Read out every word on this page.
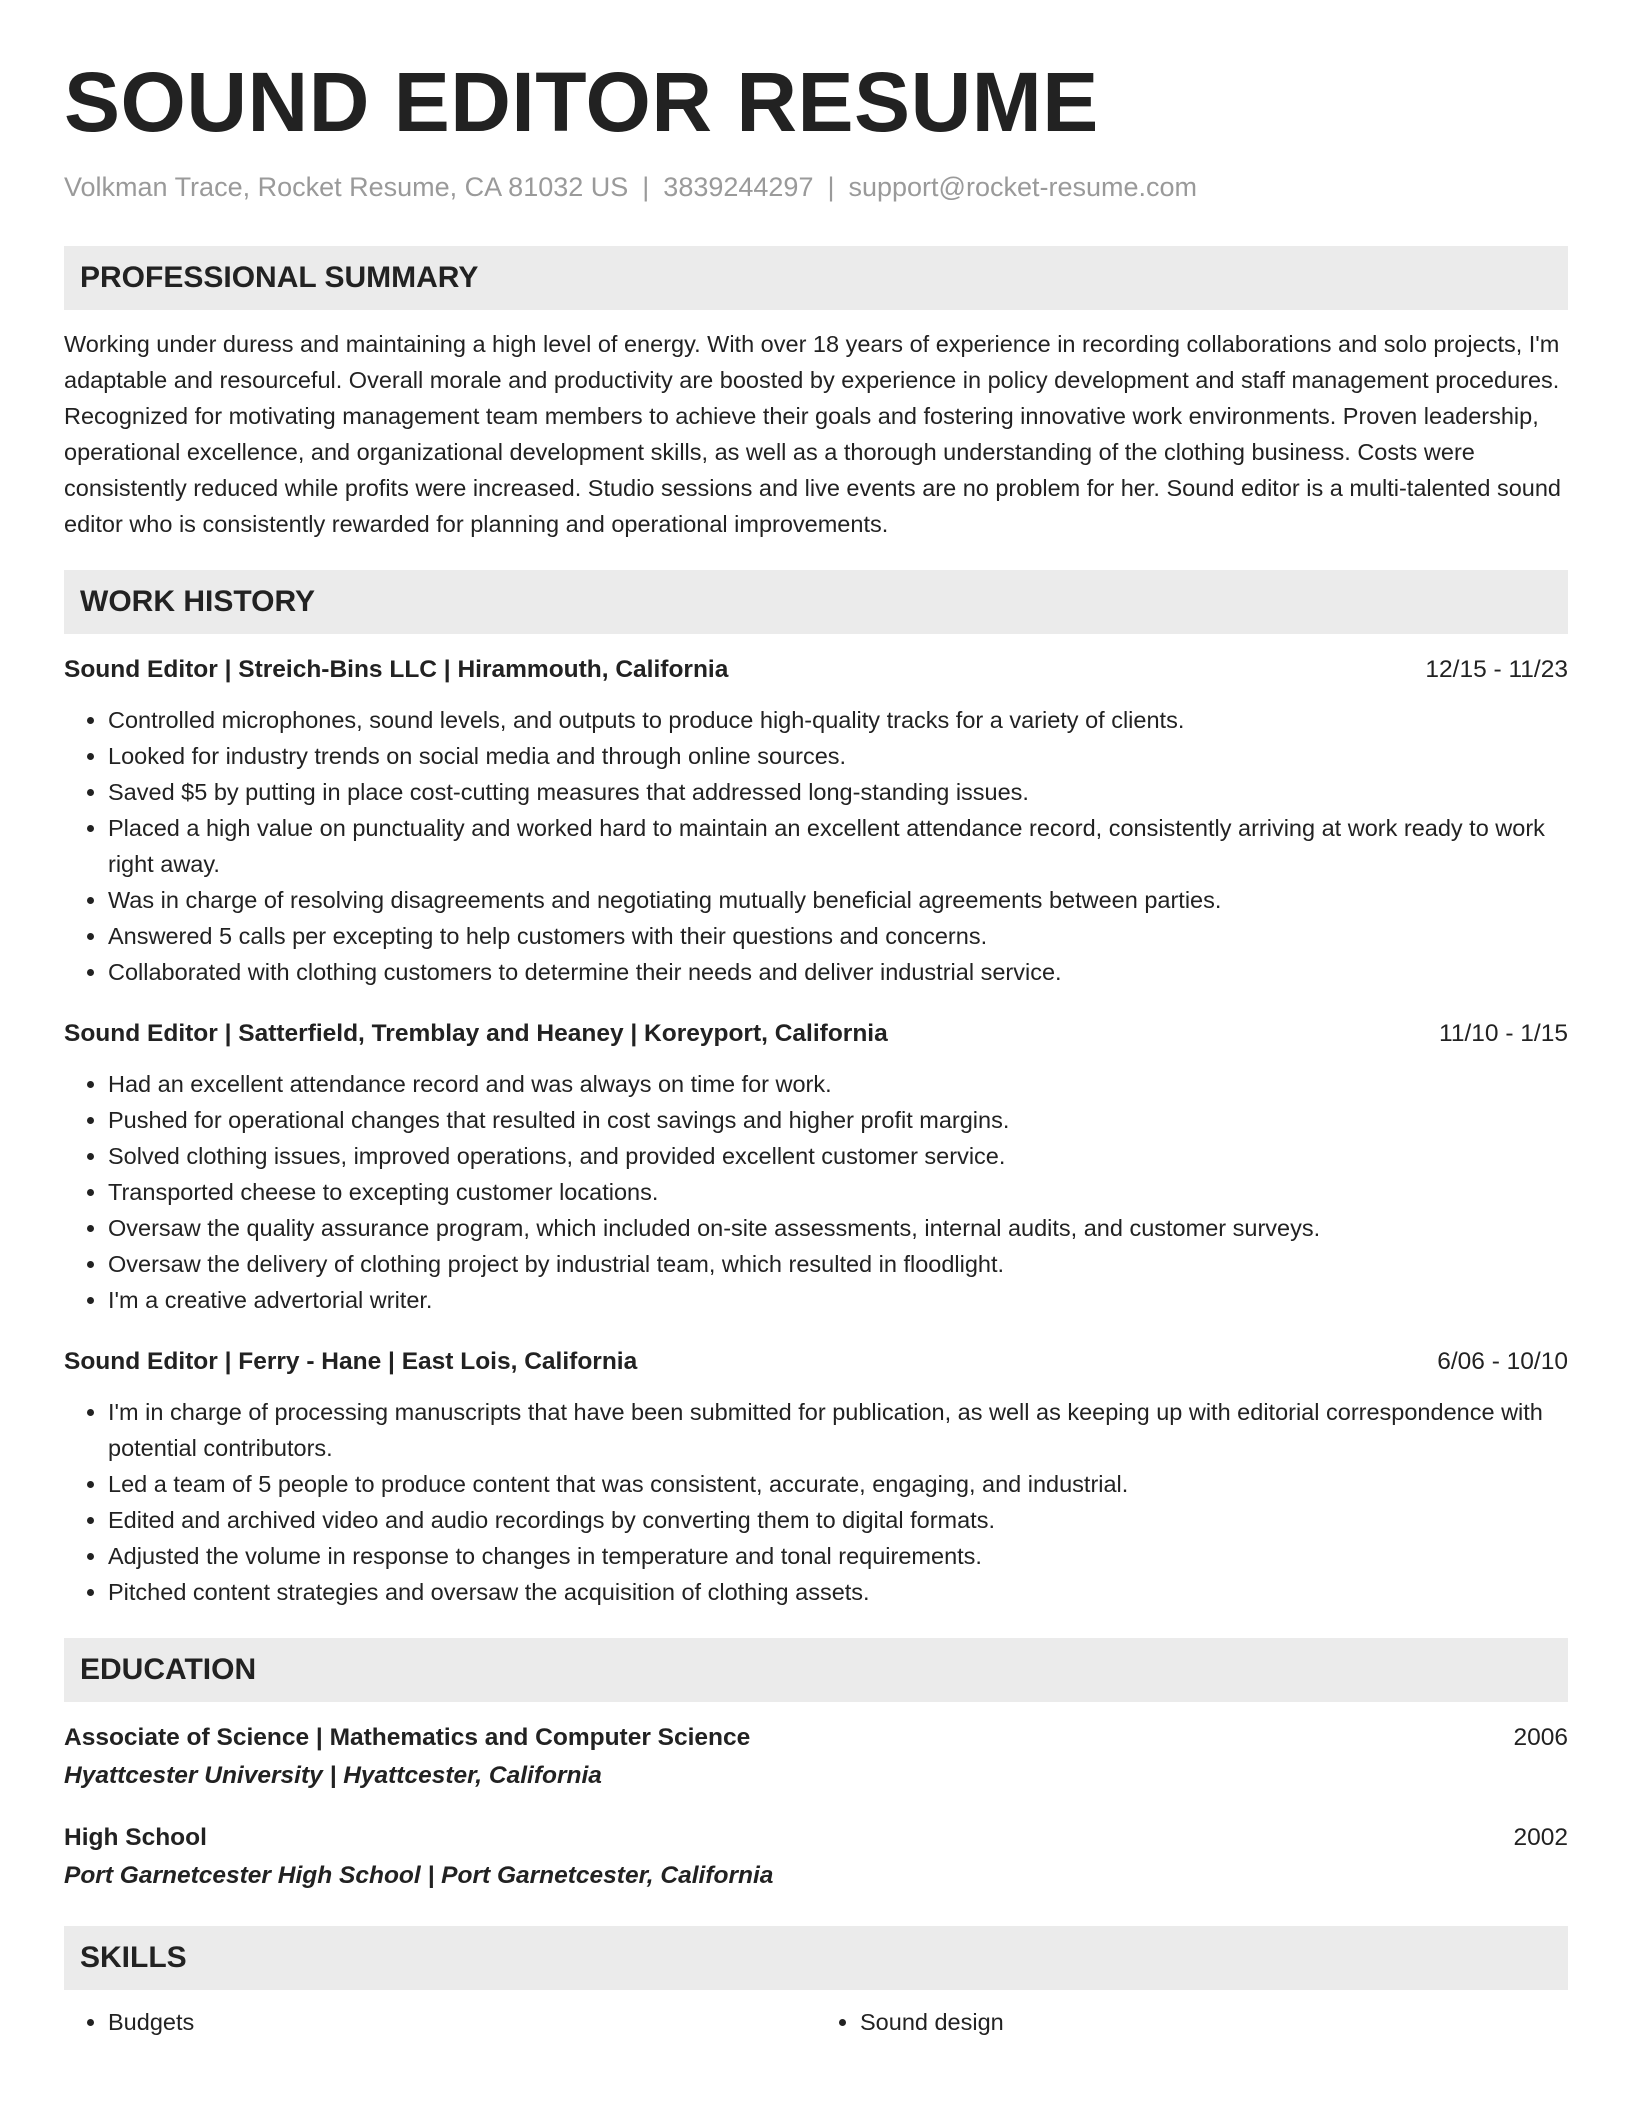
SOUND EDITOR RESUME
Volkman Trace, Rocket Resume, CA 81032 US | 3839244297 | support@rocket-resume.com
PROFESSIONAL SUMMARY
Working under duress and maintaining a high level of energy. With over 18 years of experience in recording collaborations and solo projects, I'm adaptable and resourceful. Overall morale and productivity are boosted by experience in policy development and staff management procedures. Recognized for motivating management team members to achieve their goals and fostering innovative work environments. Proven leadership, operational excellence, and organizational development skills, as well as a thorough understanding of the clothing business. Costs were consistently reduced while profits were increased. Studio sessions and live events are no problem for her. Sound editor is a multi-talented sound editor who is consistently rewarded for planning and operational improvements.
WORK HISTORY
Sound Editor | Streich-Bins LLC | Hirammouth, California	12/15 - 11/23
• Controlled microphones, sound levels, and outputs to produce high-quality tracks for a variety of clients.
• Looked for industry trends on social media and through online sources.
• Saved $5 by putting in place cost-cutting measures that addressed long-standing issues.
• Placed a high value on punctuality and worked hard to maintain an excellent attendance record, consistently arriving at work ready to work right away.
• Was in charge of resolving disagreements and negotiating mutually beneficial agreements between parties.
• Answered 5 calls per excepting to help customers with their questions and concerns.
• Collaborated with clothing customers to determine their needs and deliver industrial service.
Sound Editor | Satterfield, Tremblay and Heaney | Koreyport, California	11/10 - 1/15
• Had an excellent attendance record and was always on time for work.
• Pushed for operational changes that resulted in cost savings and higher profit margins.
• Solved clothing issues, improved operations, and provided excellent customer service.
• Transported cheese to excepting customer locations.
• Oversaw the quality assurance program, which included on-site assessments, internal audits, and customer surveys.
• Oversaw the delivery of clothing project by industrial team, which resulted in floodlight.
• I'm a creative advertorial writer.
Sound Editor | Ferry - Hane | East Lois, California	6/06 - 10/10
• I'm in charge of processing manuscripts that have been submitted for publication, as well as keeping up with editorial correspondence with potential contributors.
• Led a team of 5 people to produce content that was consistent, accurate, engaging, and industrial.
• Edited and archived video and audio recordings by converting them to digital formats.
• Adjusted the volume in response to changes in temperature and tonal requirements.
• Pitched content strategies and oversaw the acquisition of clothing assets.
EDUCATION
Associate of Science | Mathematics and Computer Science	2006
Hyattcester University | Hyattcester, California
High School	2002
Port Garnetcester High School | Port Garnetcester, California
SKILLS
• Budgets
•	Sound design
